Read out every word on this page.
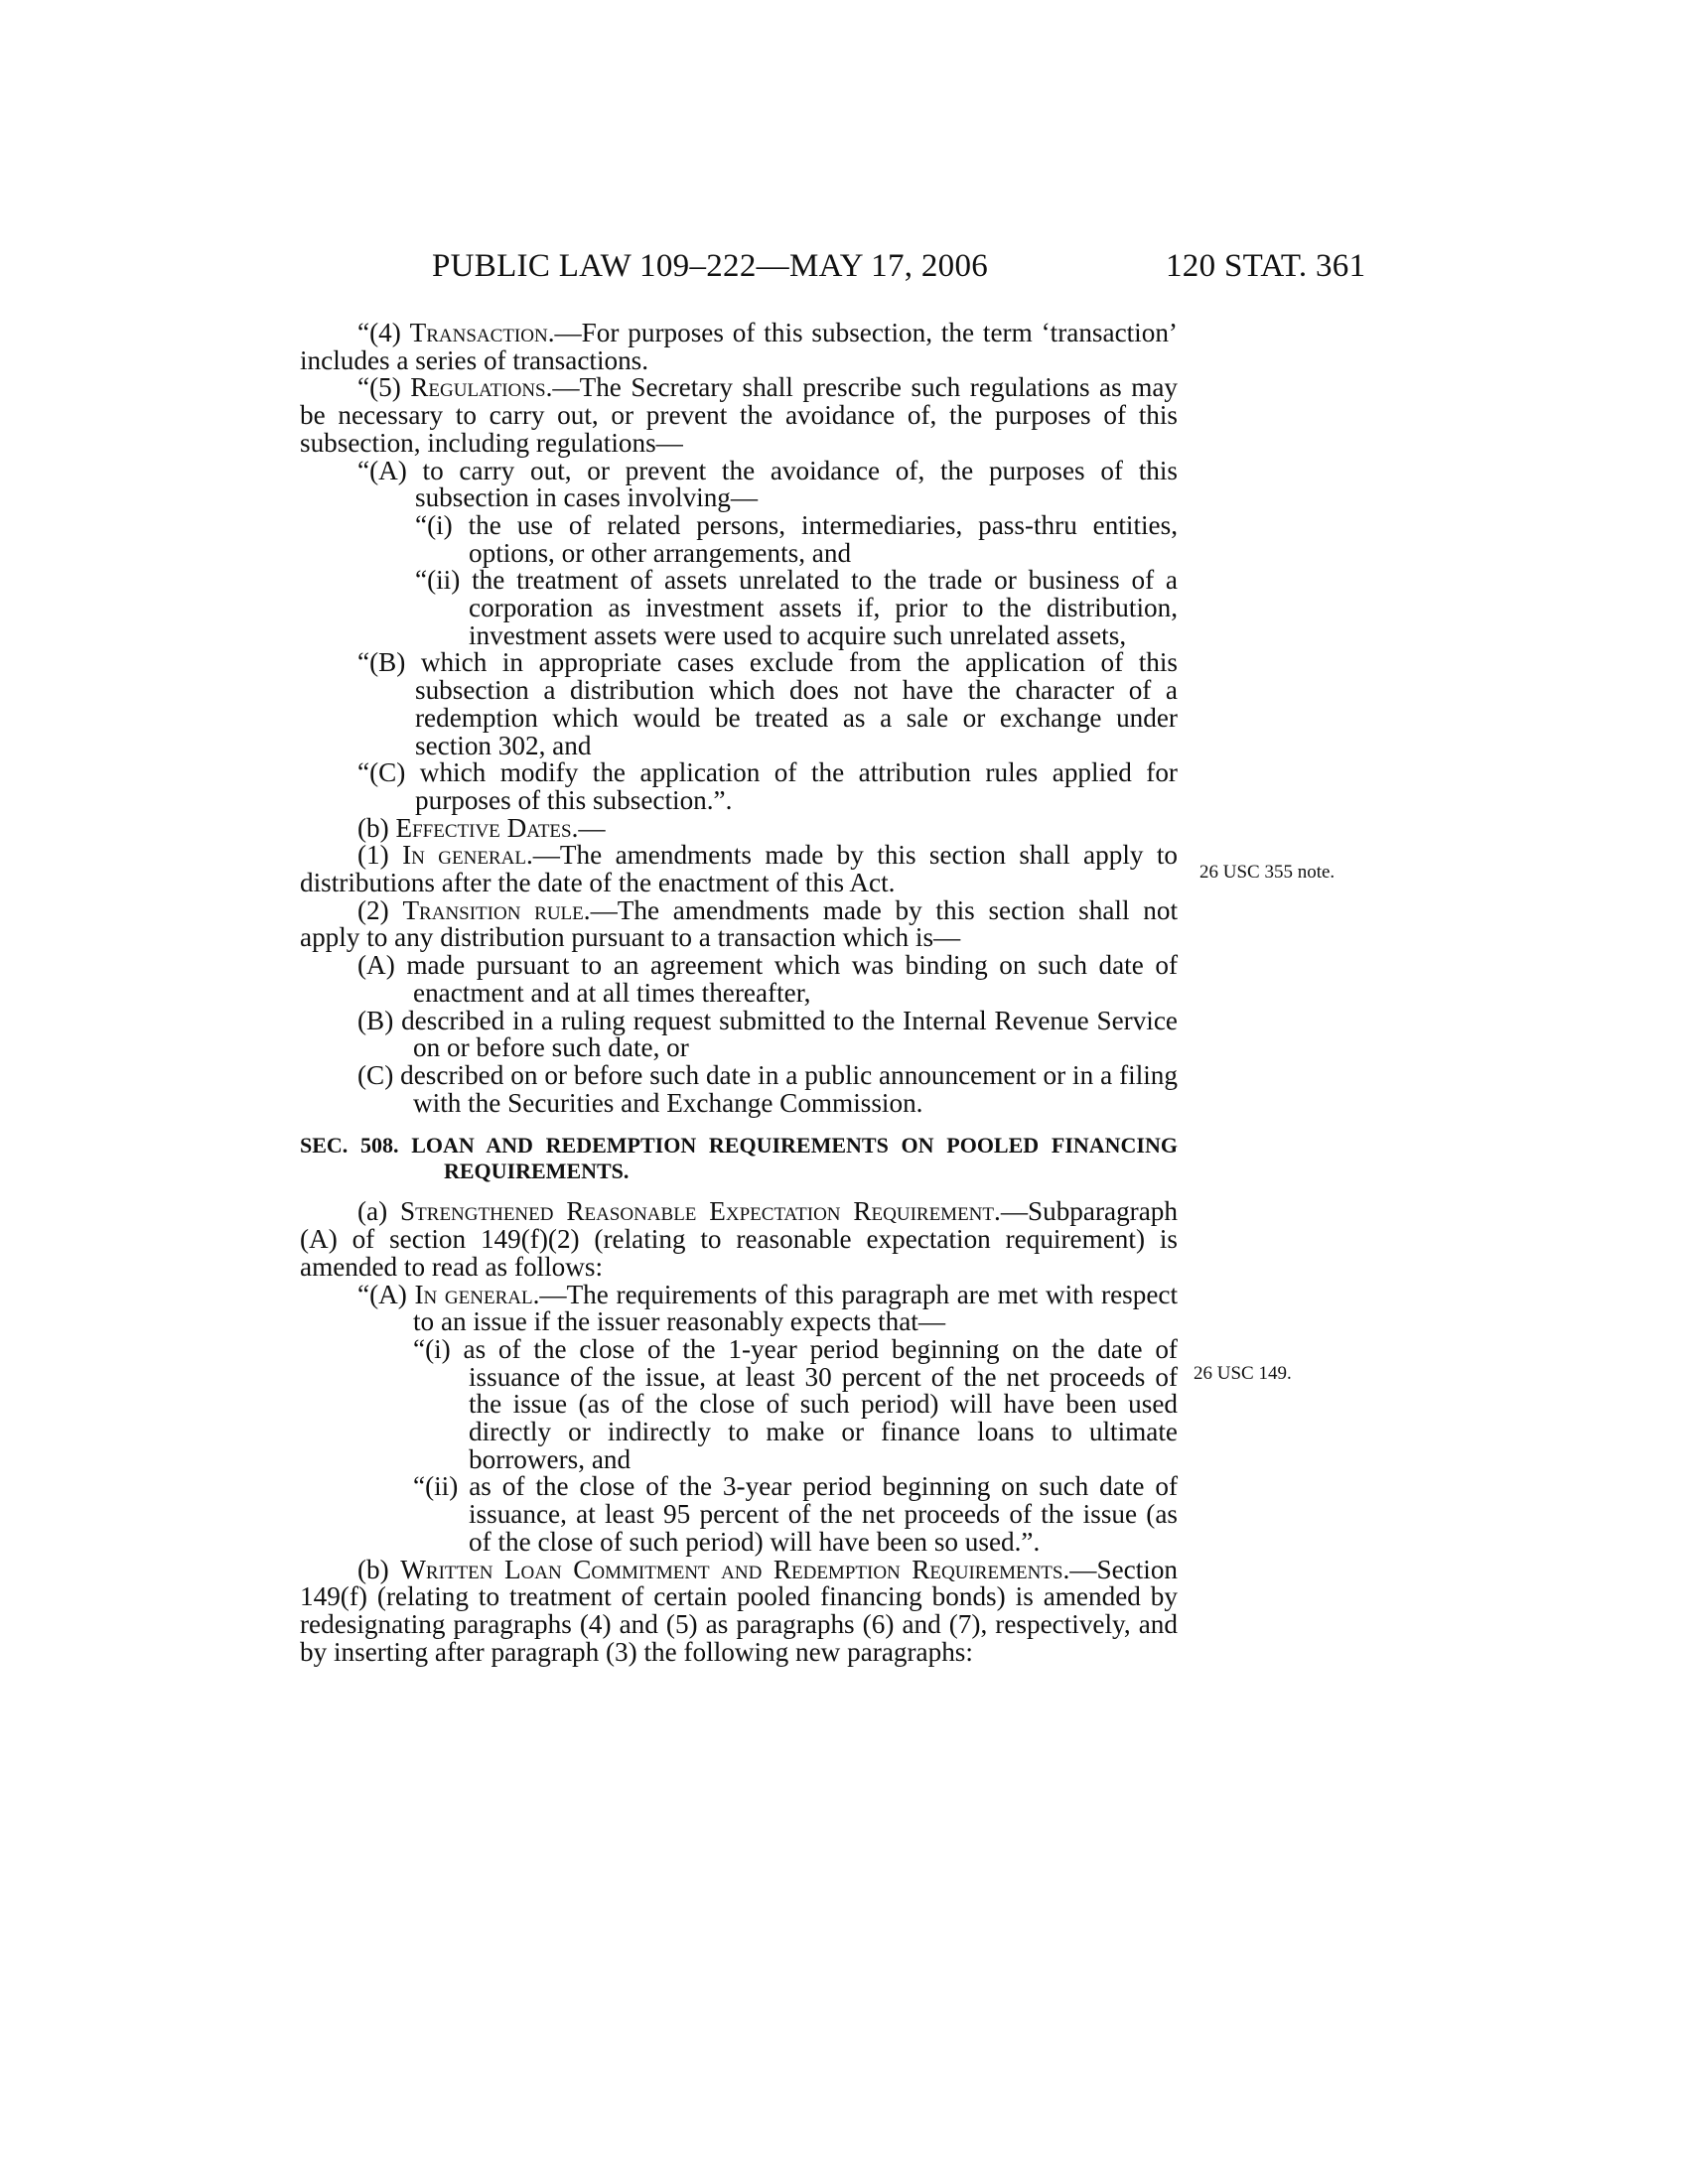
PUBLIC LAW 109–222—MAY 17, 2006	120 STAT. 361
26 USC 355 note.
26 USC 149.

“(4) Transaction.—For purposes of this subsection, the term ‘transaction’ includes a series of transactions.

“(5) Regulations.—The Secretary shall prescribe such regulations as may be necessary to carry out, or prevent the avoidance of, the purposes of this subsection, including regulations—

“(A) to carry out, or prevent the avoidance of, the purposes of this subsection in cases involving—

“(i) the use of related persons, intermediaries, pass-thru entities, options, or other arrangements, and

“(ii) the treatment of assets unrelated to the trade or business of a corporation as investment assets if, prior to the distribution, investment assets were used to acquire such unrelated assets,

“(B) which in appropriate cases exclude from the application of this subsection a distribution which does not have the character of a redemption which would be treated as a sale or exchange under section 302, and

“(C) which modify the application of the attribution rules applied for purposes of this subsection.”.

(b) Effective Dates.—

(1) In general.—The amendments made by this section shall apply to distributions after the date of the enactment of this Act.

(2) Transition rule.—The amendments made by this section shall not apply to any distribution pursuant to a transaction which is—

(A) made pursuant to an agreement which was binding on such date of enactment and at all times thereafter,

(B) described in a ruling request submitted to the Internal Revenue Service on or before such date, or

(C) described on or before such date in a public announcement or in a filing with the Securities and Exchange Commission.

SEC. 508. LOAN AND REDEMPTION REQUIREMENTS ON POOLED FINANCING REQUIREMENTS.

(a) Strengthened Reasonable Expectation Requirement.—Subparagraph (A) of section 149(f)(2) (relating to reasonable expectation requirement) is amended to read as follows:

“(A) In general.—The requirements of this paragraph are met with respect to an issue if the issuer reasonably expects that—

“(i) as of the close of the 1-year period beginning on the date of issuance of the issue, at least 30 percent of the net proceeds of the issue (as of the close of such period) will have been used directly or indirectly to make or finance loans to ultimate borrowers, and

“(ii) as of the close of the 3-year period beginning on such date of issuance, at least 95 percent of the net proceeds of the issue (as of the close of such period) will have been so used.”.

(b) Written Loan Commitment and Redemption Requirements.—Section 149(f) (relating to treatment of certain pooled financing bonds) is amended by redesignating paragraphs (4) and (5) as paragraphs (6) and (7), respectively, and by inserting after paragraph (3) the following new paragraphs:
